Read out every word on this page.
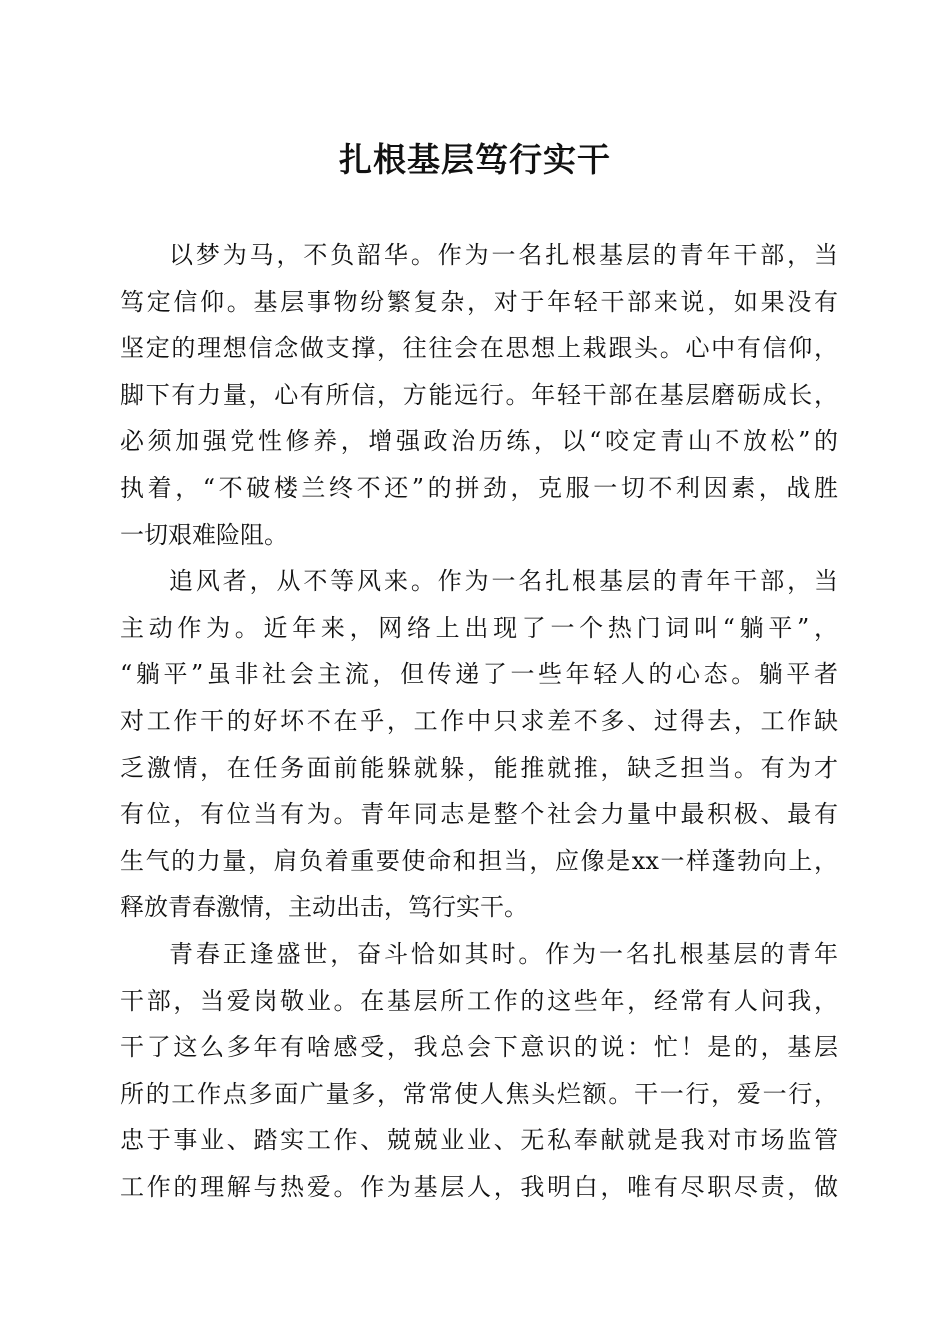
扎根基层笃行实干
以梦为马，不负韶华。作为一名扎根基层的青年干部，当
笃定信仰。基层事物纷繁复杂，对于年轻干部来说，如果没有
坚定的理想信念做支撑，往往会在思想上栽跟头。心中有信仰，
脚下有力量，心有所信，方能远行。年轻干部在基层磨砺成长，
必须加强党性修养，增强政治历练，以“咬定青山不放松”的
执着，“不破楼兰终不还”的拼劲，克服一切不利因素，战胜
一切艰难险阻。
追风者，从不等风来。作为一名扎根基层的青年干部，当
主动作为。近年来，网络上出现了一个热门词叫“躺平”，
“躺平”虽非社会主流，但传递了一些年轻人的心态。躺平者
对工作干的好坏不在乎，工作中只求差不多、过得去，工作缺
乏激情，在任务面前能躲就躲，能推就推，缺乏担当。有为才
有位，有位当有为。青年同志是整个社会力量中最积极、最有
生气的力量，肩负着重要使命和担当，应像是xx一样蓬勃向上，
释放青春激情，主动出击，笃行实干。
青春正逢盛世，奋斗恰如其时。作为一名扎根基层的青年
干部，当爱岗敬业。在基层所工作的这些年，经常有人问我，
干了这么多年有啥感受，我总会下意识的说：忙！是的，基层
所的工作点多面广量多，常常使人焦头烂额。干一行，爱一行，
忠于事业、踏实工作、兢兢业业、无私奉献就是我对市场监管
工作的理解与热爱。作为基层人，我明白，唯有尽职尽责，做
